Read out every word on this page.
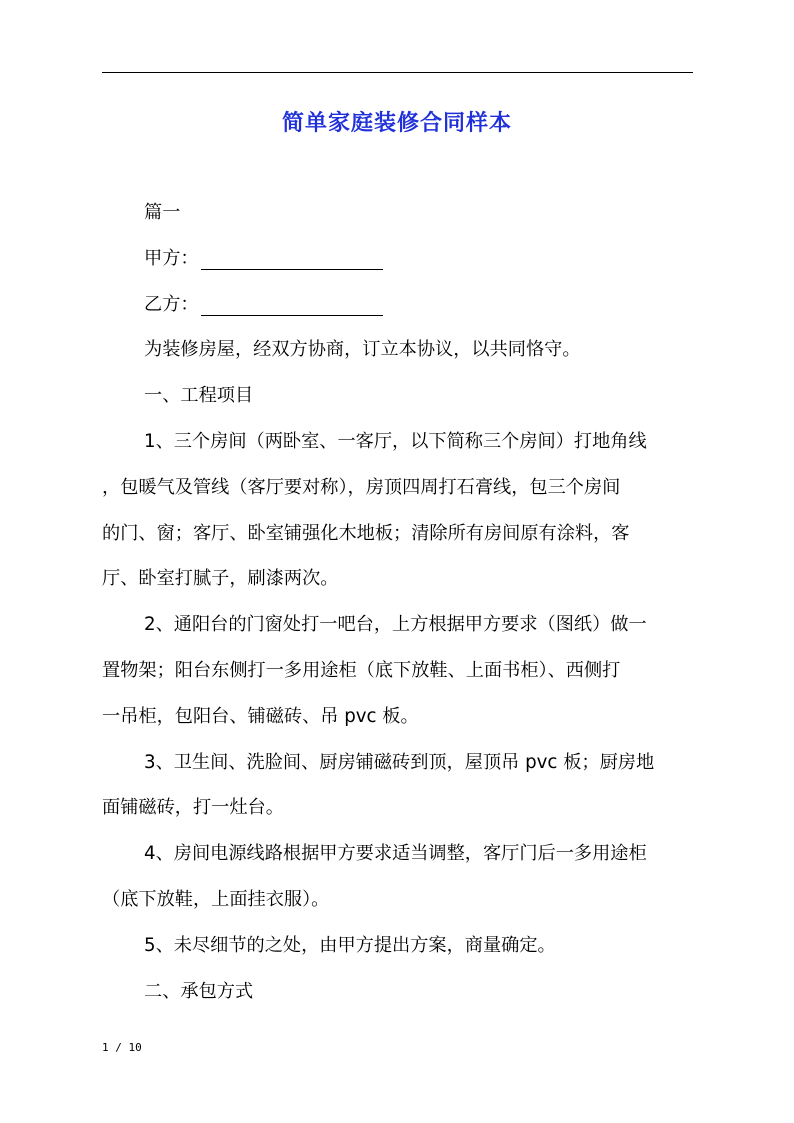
简单家庭装修合同样本
篇一
甲方：
乙方：
为装修房屋，经双方协商，订立本协议，以共同恪守。
一、工程项目
1、三个房间（两卧室、一客厅，以下简称三个房间）打地角线
，包暖气及管线（客厅要对称），房顶四周打石膏线，包三个房间
的门、窗；客厅、卧室铺强化木地板；清除所有房间原有涂料，客
厅、卧室打腻子，刷漆两次。
2、通阳台的门窗处打一吧台，上方根据甲方要求（图纸）做一
置物架；阳台东侧打一多用途柜（底下放鞋、上面书柜）、西侧打
一吊柜，包阳台、铺磁砖、吊 pvc 板。
3、卫生间、洗脸间、厨房铺磁砖到顶，屋顶吊 pvc 板；厨房地
面铺磁砖，打一灶台。
4、房间电源线路根据甲方要求适当调整，客厅门后一多用途柜
（底下放鞋，上面挂衣服）。
5、未尽细节的之处，由甲方提出方案，商量确定。
二、承包方式
1 / 10
